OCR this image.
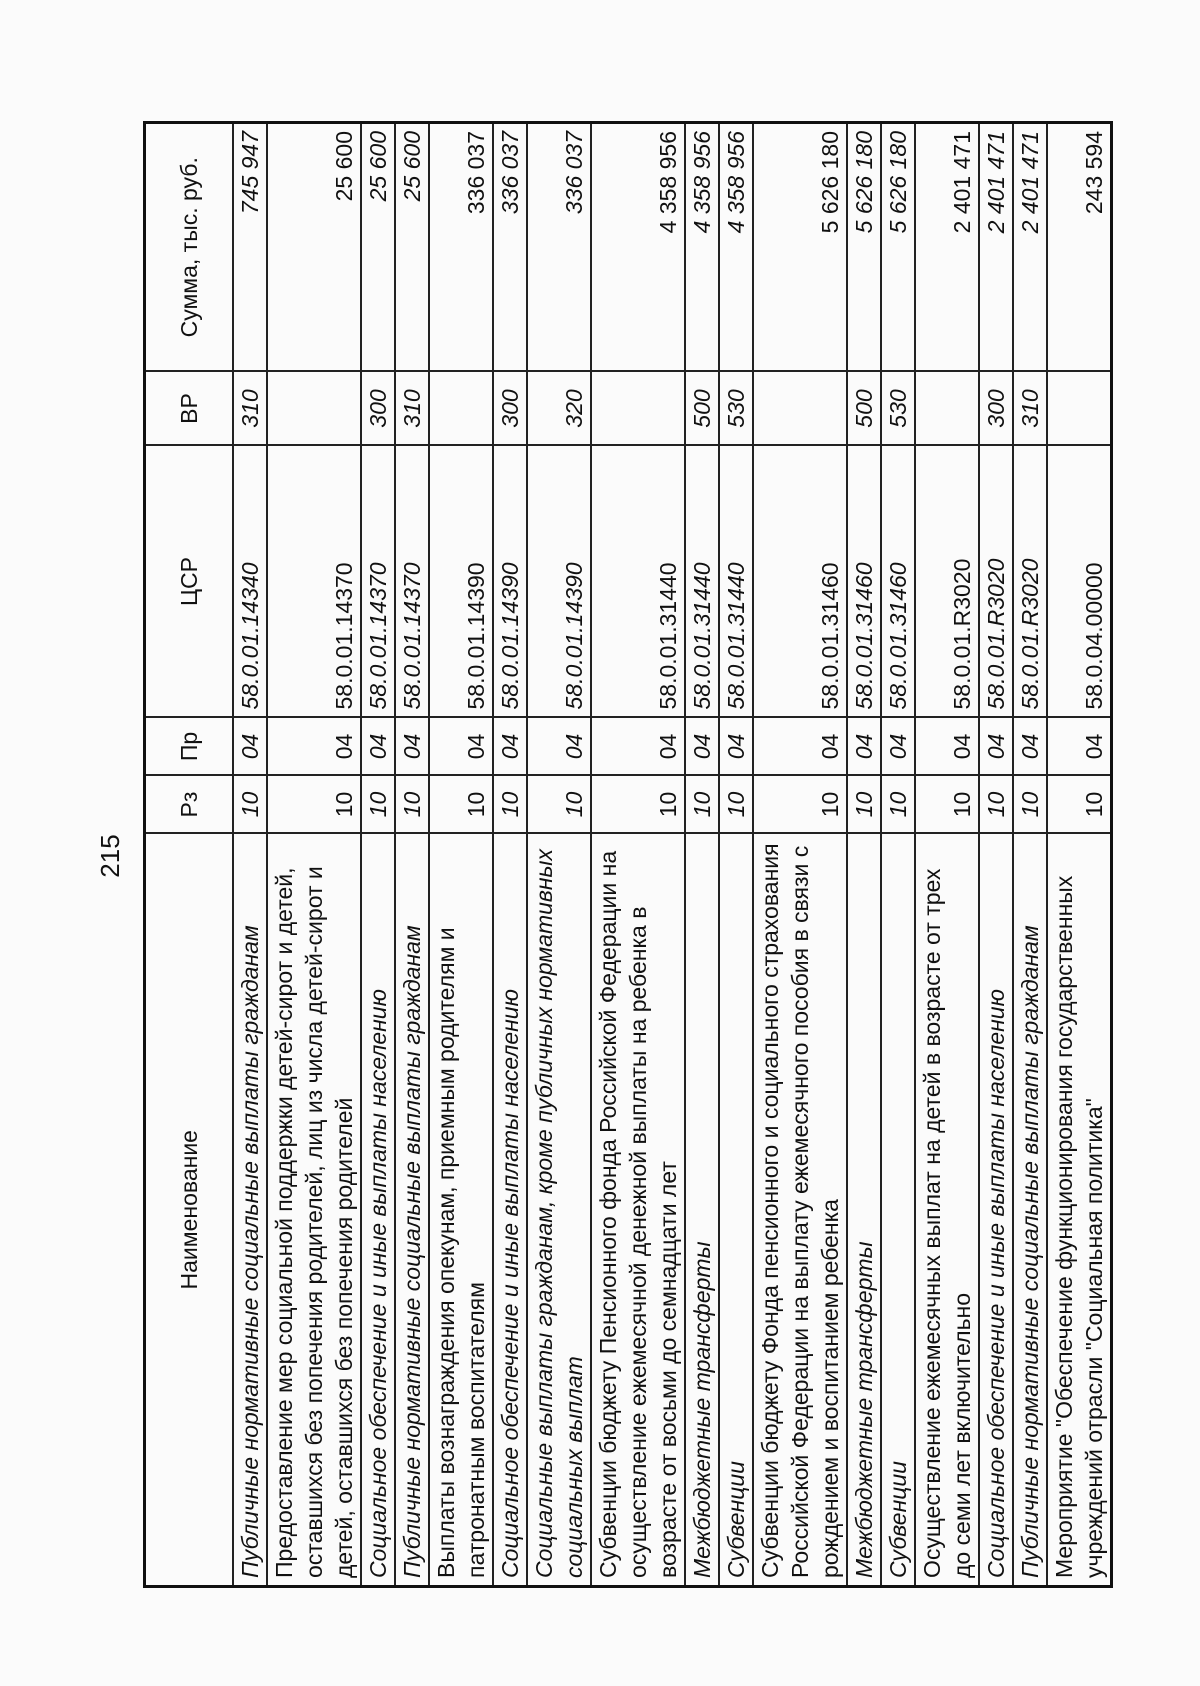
215
Наименование	Рз	Пр	ЦСР	ВР	Сумма, тыс. руб.
Публичные нормативные социальные выплаты гражданам	10	04	58.0.01.14340	310	745 947
Предоставление мер социальной поддержки детей-сирот и детей, оставшихся без попечения родителей, лиц из числа детей-сирот и детей, оставшихся без попечения родителей	10	04	58.0.01.14370		25 600
Социальное обеспечение и иные выплаты населению	10	04	58.0.01.14370	300	25 600
Публичные нормативные социальные выплаты гражданам	10	04	58.0.01.14370	310	25 600
Выплаты вознаграждения опекунам, приемным родителям и патронатным воспитателям	10	04	58.0.01.14390		336 037
Социальное обеспечение и иные выплаты населению	10	04	58.0.01.14390	300	336 037
Социальные выплаты гражданам, кроме публичных нормативных социальных выплат	10	04	58.0.01.14390	320	336 037
Субвенции бюджету Пенсионного фонда Российской Федерации на осуществление ежемесячной денежной выплаты на ребенка в возрасте от восьми до семнадцати лет	10	04	58.0.01.31440		4 358 956
Межбюджетные трансферты	10	04	58.0.01.31440	500	4 358 956
Субвенции	10	04	58.0.01.31440	530	4 358 956
Субвенции бюджету Фонда пенсионного и социального страхования Российской Федерации на выплату ежемесячного пособия в связи с рождением и воспитанием ребенка	10	04	58.0.01.31460		5 626 180
Межбюджетные трансферты	10	04	58.0.01.31460	500	5 626 180
Субвенции	10	04	58.0.01.31460	530	5 626 180
Осуществление ежемесячных выплат на детей в возрасте от трех до семи лет включительно	10	04	58.0.01.R3020		2 401 471
Социальное обеспечение и иные выплаты населению	10	04	58.0.01.R3020	300	2 401 471
Публичные нормативные социальные выплаты гражданам	10	04	58.0.01.R3020	310	2 401 471
Мероприятие "Обеспечение функционирования государственных учреждений отрасли "Социальная политика"	10	04	58.0.04.00000		243 594
